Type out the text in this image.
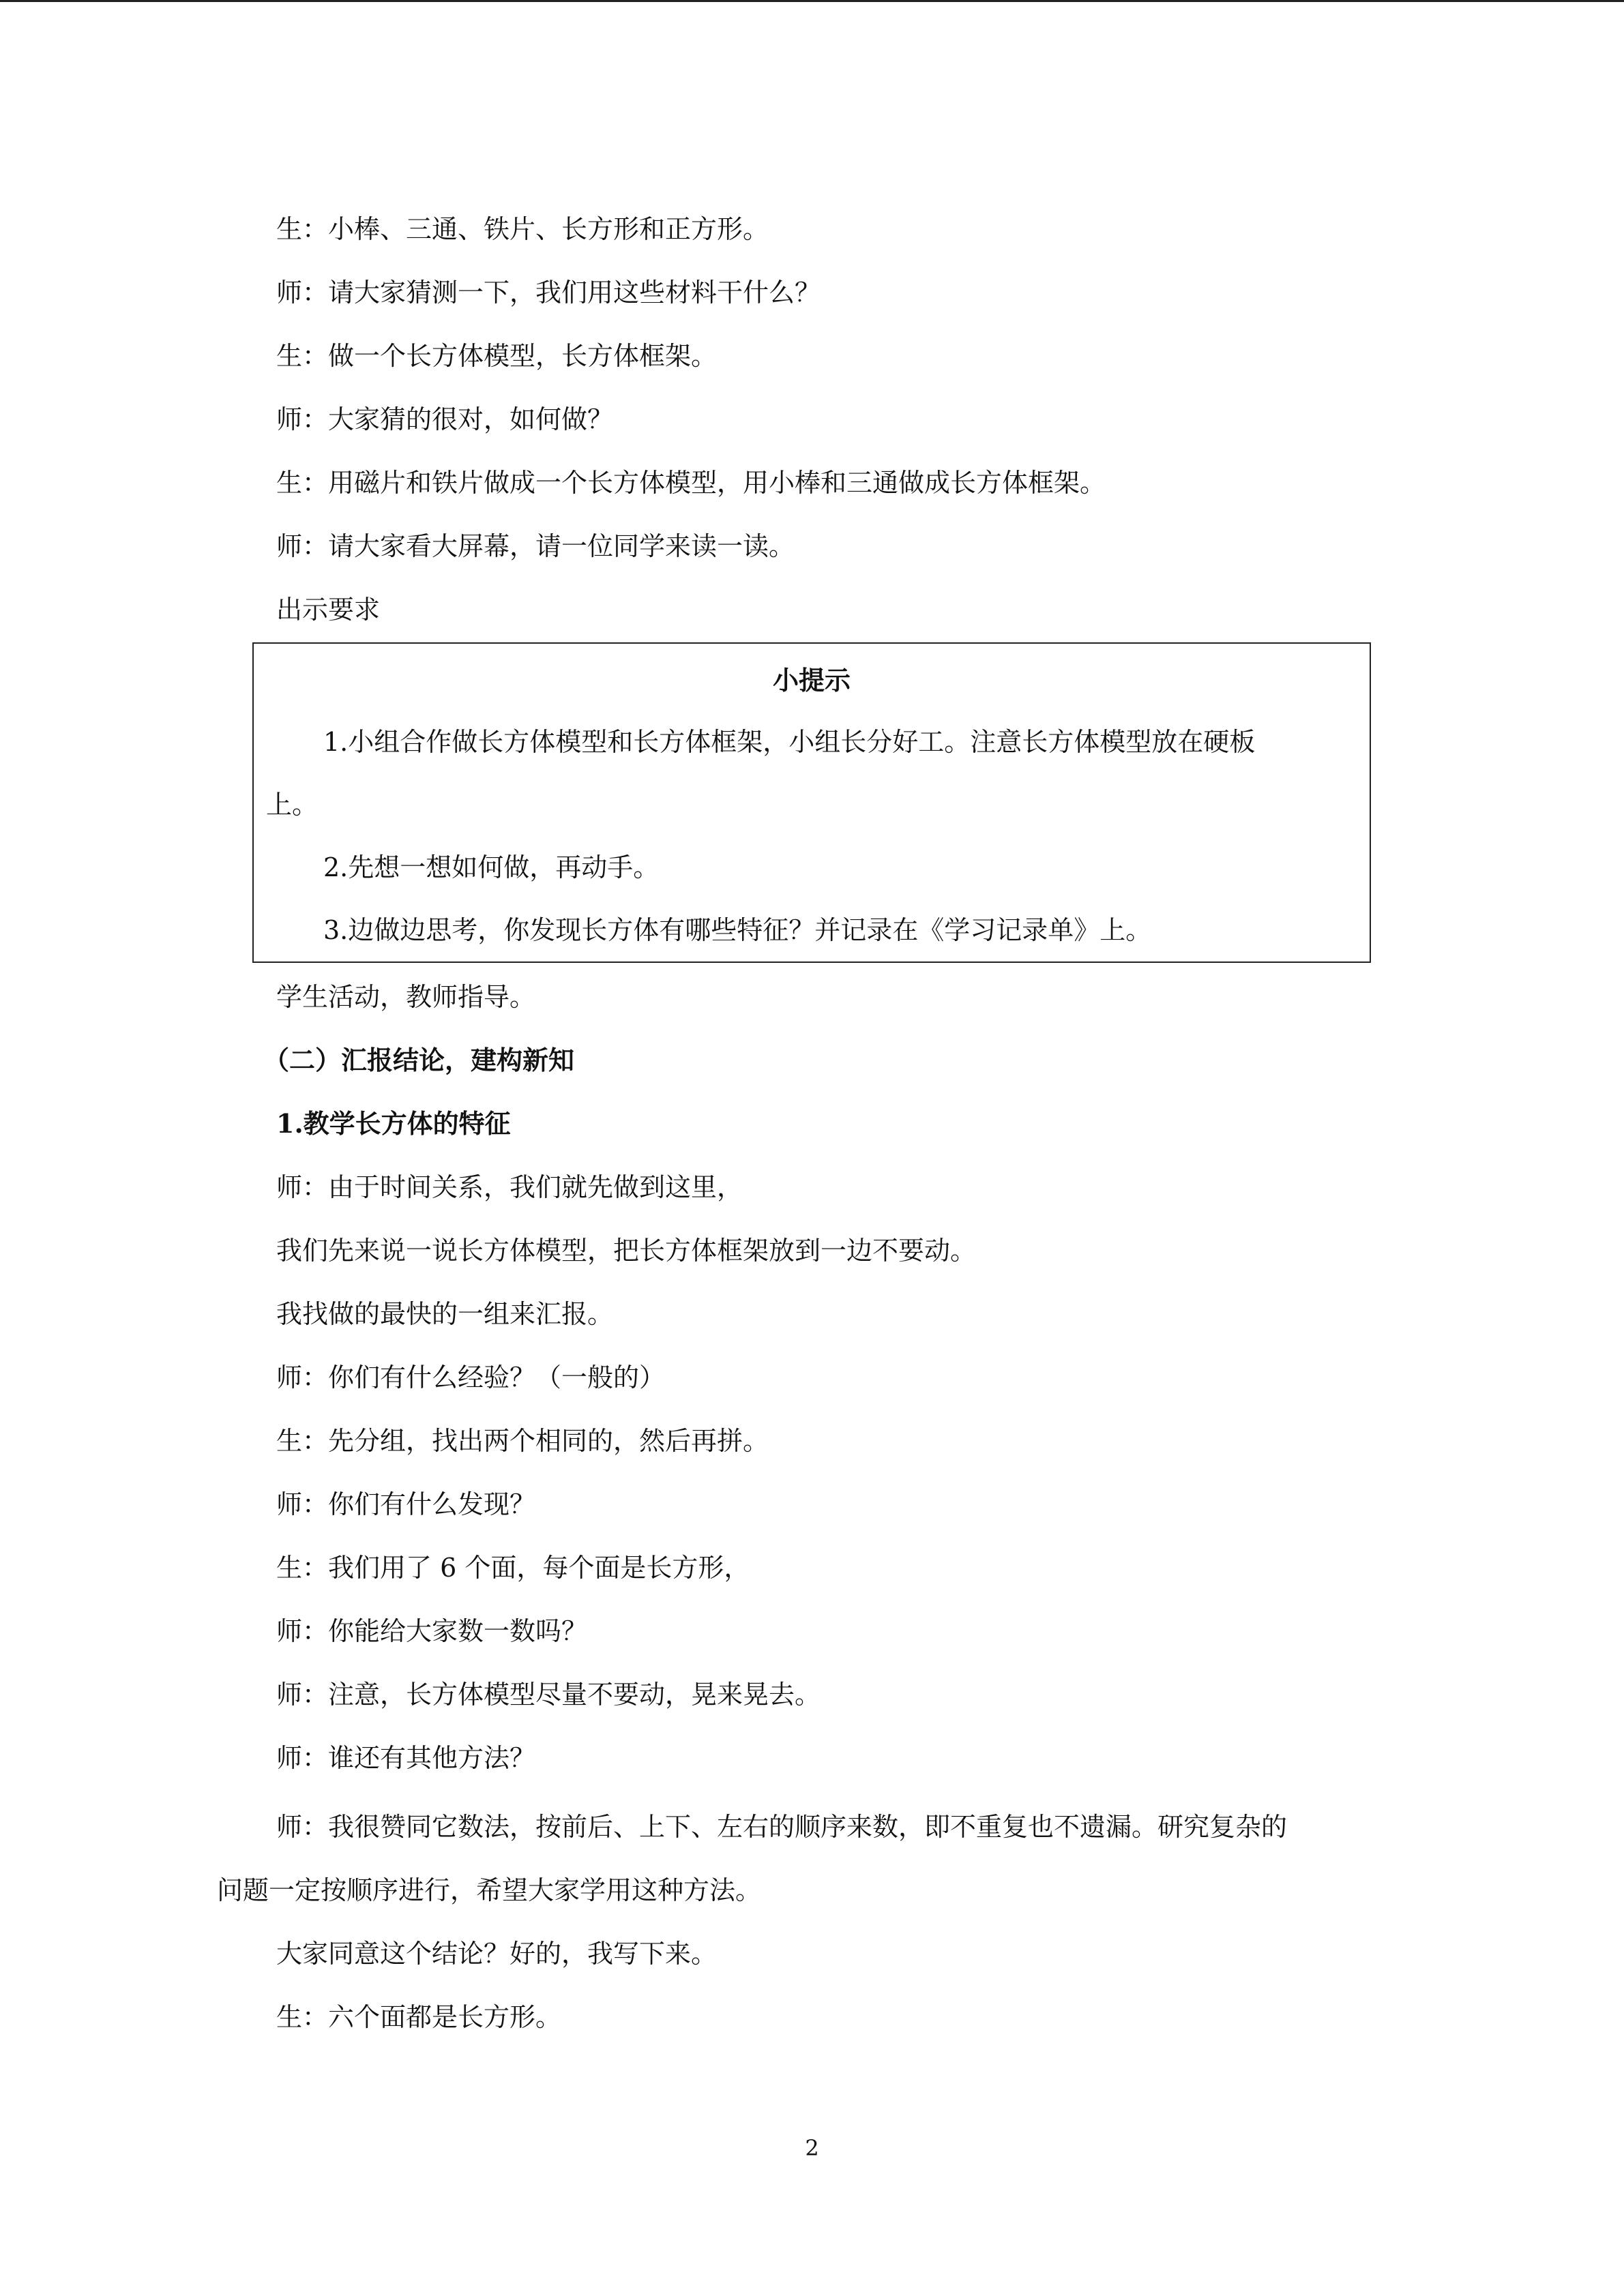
生：小棒、三通、铁片、长方形和正方形。
师：请大家猜测一下，我们用这些材料干什么？
生：做一个长方体模型，长方体框架。
师：大家猜的很对，如何做？
生：用磁片和铁片做成一个长方体模型，用小棒和三通做成长方体框架。
师：请大家看大屏幕，请一位同学来读一读。
出示要求
小提示
1.小组合作做长方体模型和长方体框架，小组长分好工。注意长方体模型放在硬板
上。
2.先想一想如何做，再动手。
3.边做边思考，你发现长方体有哪些特征？并记录在《学习记录单》上。
学生活动，教师指导。
（二）汇报结论，建构新知
1.教学长方体的特征
师：由于时间关系，我们就先做到这里，
我们先来说一说长方体模型，把长方体框架放到一边不要动。
我找做的最快的一组来汇报。
师：你们有什么经验？（一般的）
生：先分组，找出两个相同的，然后再拼。
师：你们有什么发现？
生：我们用了 6 个面，每个面是长方形，
师：你能给大家数一数吗？
师：注意，长方体模型尽量不要动，晃来晃去。
师：谁还有其他方法？
师：我很赞同它数法，按前后、上下、左右的顺序来数，即不重复也不遗漏。研究复杂的
问题一定按顺序进行，希望大家学用这种方法。
大家同意这个结论？好的，我写下来。
生：六个面都是长方形。
2
